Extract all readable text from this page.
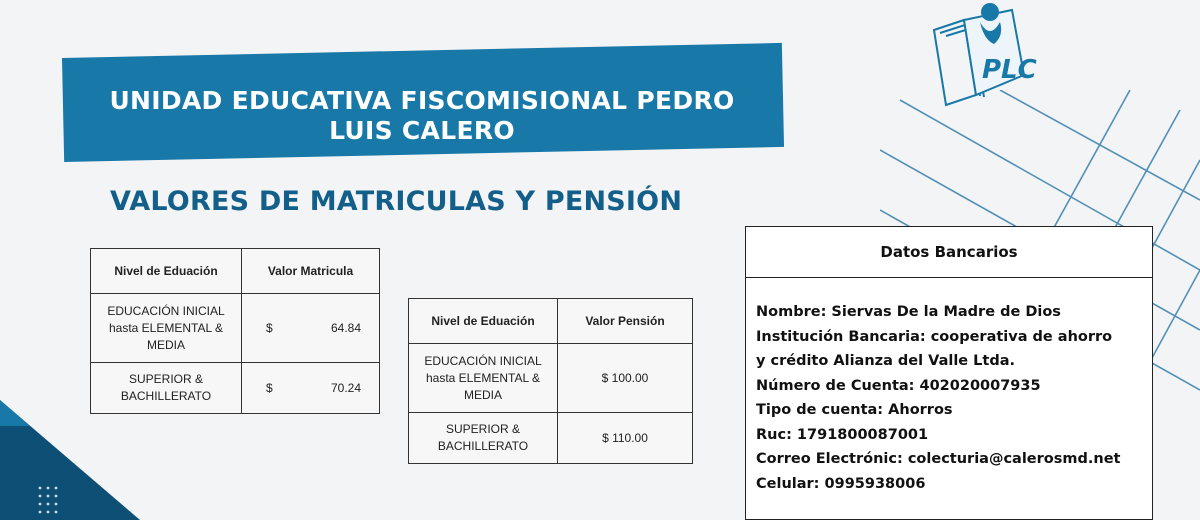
UNIDAD EDUCATIVA FISCOMISIONAL PEDRO
LUIS CALERO
VALORES DE MATRICULAS Y PENSIÓN
PLC
Nivel de Eduación	Valor Matricula
EDUCACIÓN INICIAL hasta ELEMENTAL & MEDIA	$ 64.84

SUPERIOR & BACHILLERATO	$ 70.24
Nivel de Eduación	Valor Pensión
EDUCACIÓN INICIAL hasta ELEMENTAL & MEDIA	$ 100.00
SUPERIOR & BACHILLERATO	$ 110.00
Datos Bancarios
Nombre: Siervas De la Madre de Dios
Institución Bancaria: cooperativa de ahorro
y crédito Alianza del Valle Ltda.
Número de Cuenta: 402020007935
Tipo de cuenta: Ahorros
Ruc: 1791800087001
Correo Electrónic: colecturia@calerosmd.net
Celular: 0995938006
